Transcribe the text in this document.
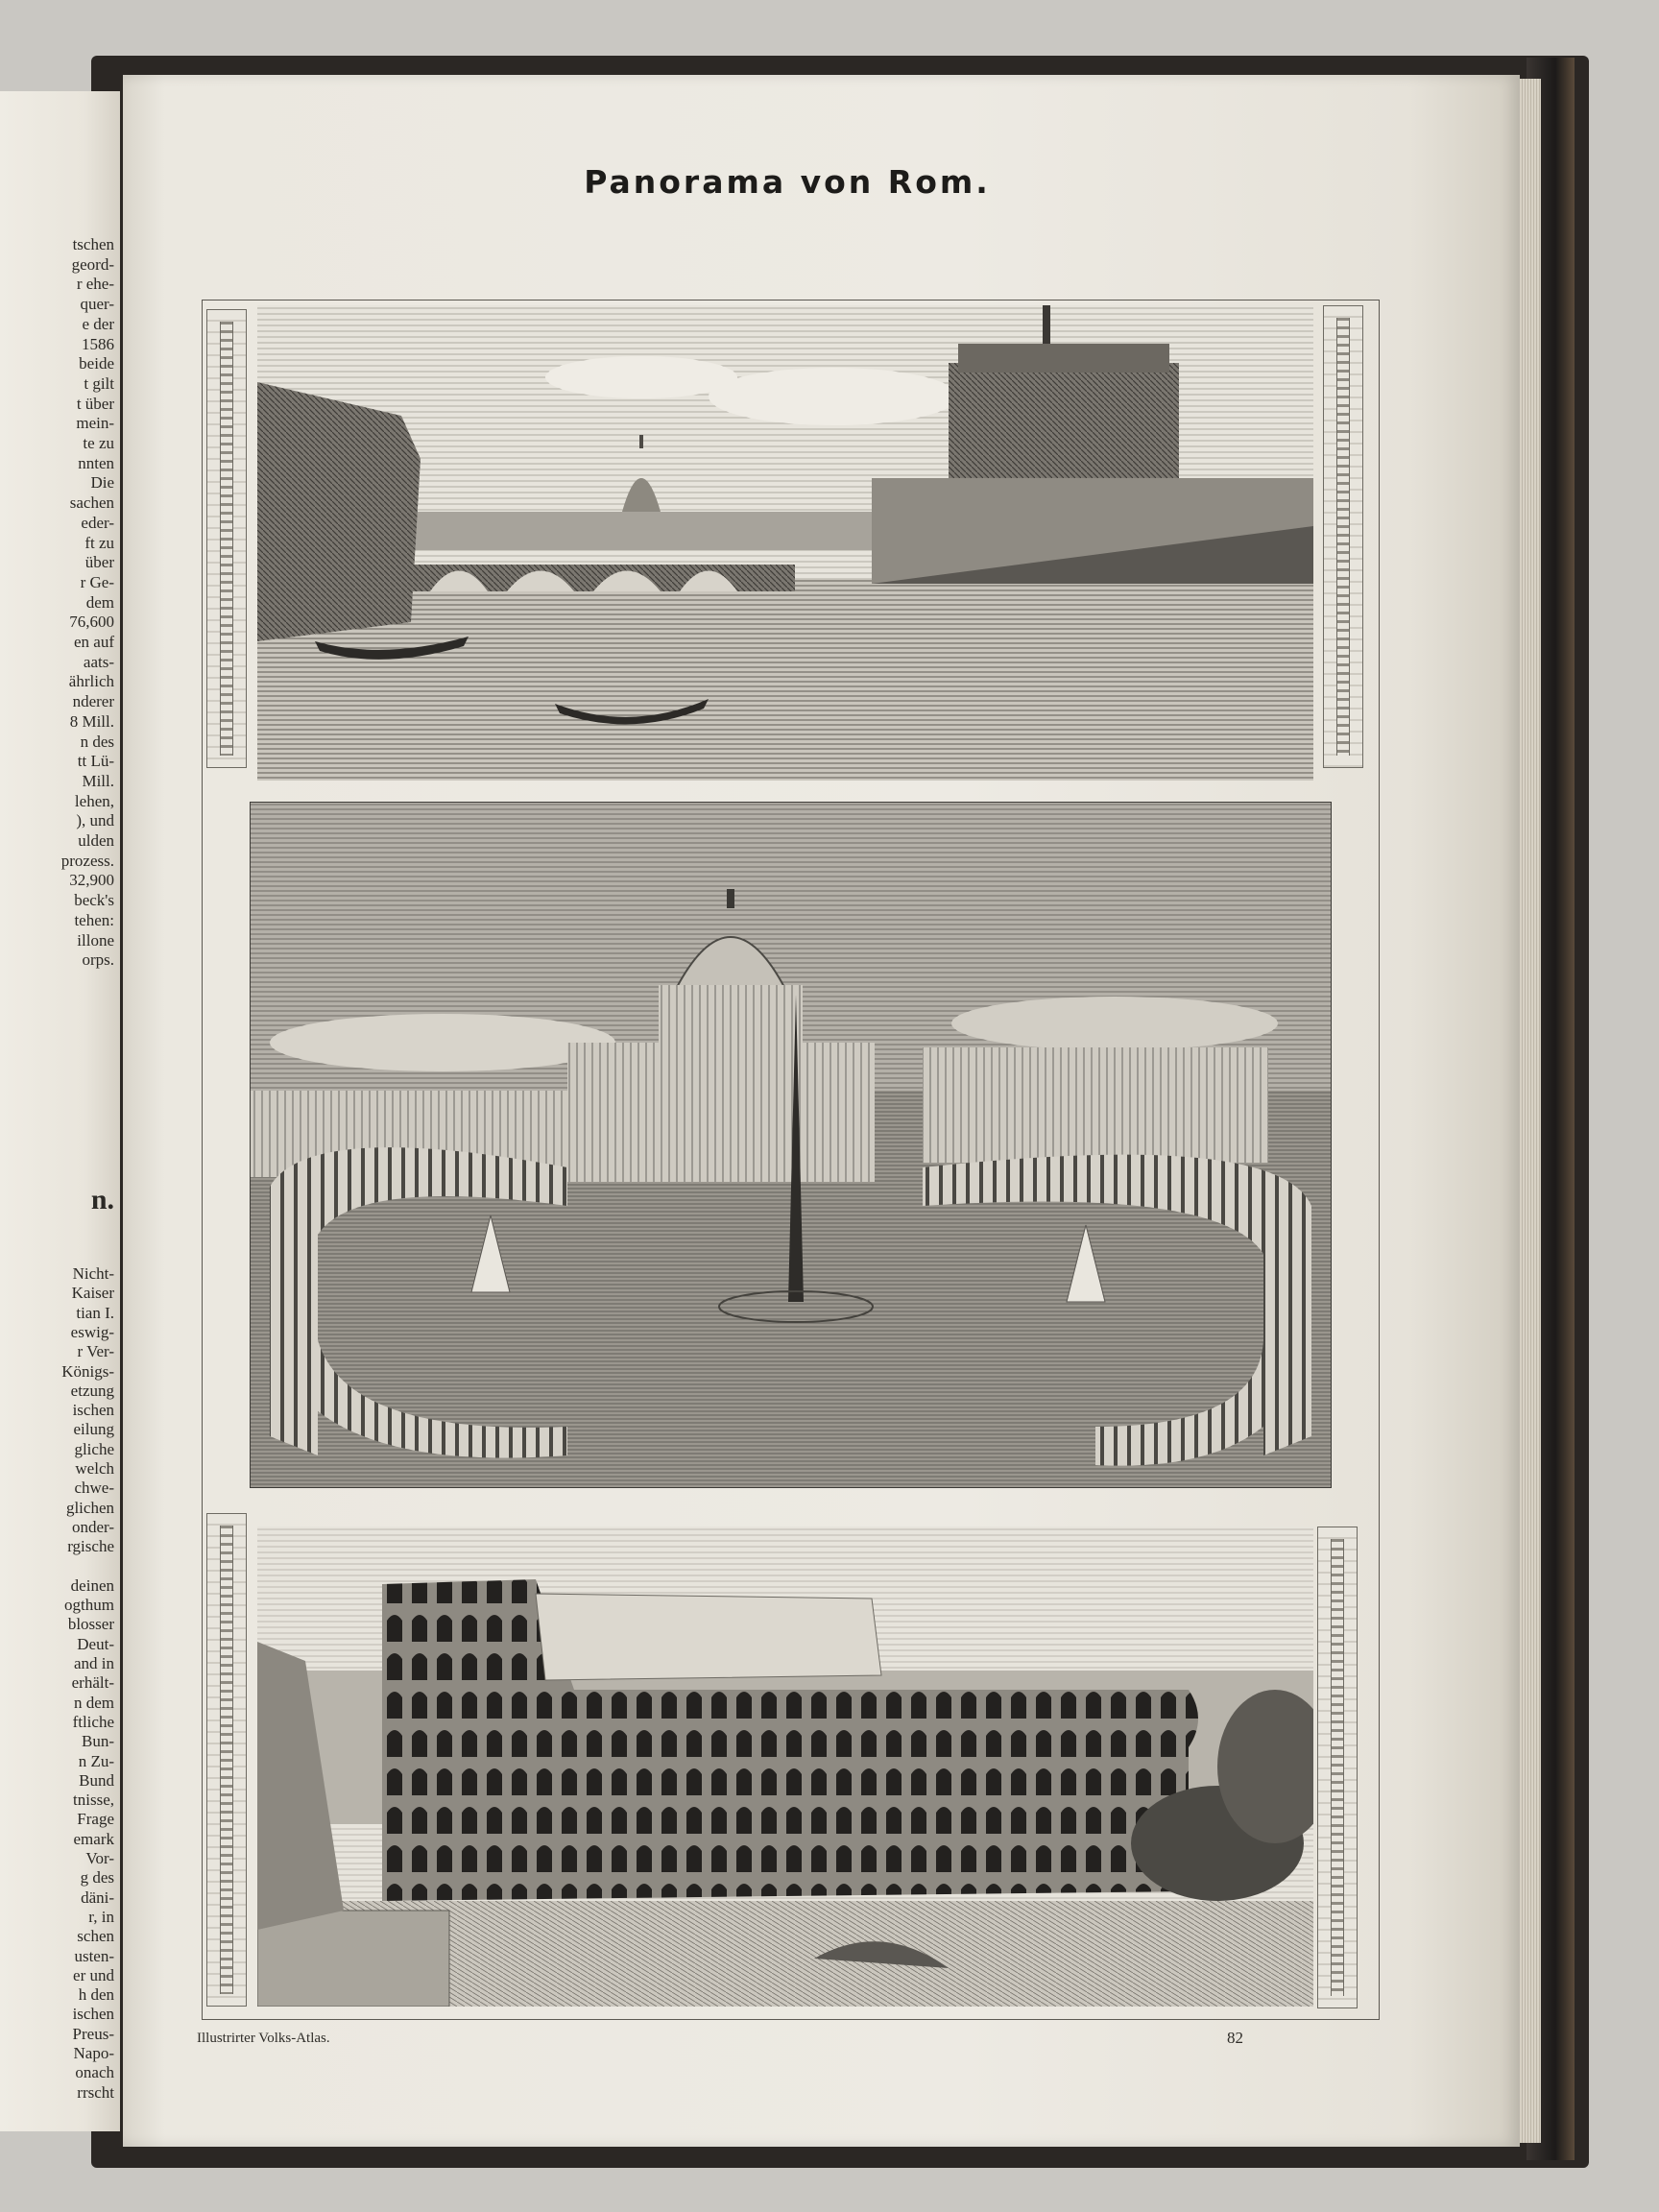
tschen
geord-
r ehe-
quer-
e der
1586
beide
t gilt
t über
mein-
te zu
nnten
Die
sachen
eder-
ft zu
über
r Ge-
dem
76,600
en auf
aats-
ährlich
nderer
8 Mill.
n des
tt Lü-
Mill.
lehen,
), und
ulden
prozess.
32,900
beck's
tehen:
illone
orps.
n.
Nicht-
Kaiser
tian I.
eswig-
r Ver-
Königs-
etzung
ischen
eilung
gliche
welch
chwe-
glichen
onder-
rgische
deinen
ogthum
blosser
Deut-
and in
erhält-
n dem
ftliche
Bun-
n Zu-
Bund
tnisse,
Frage
emark
Vor-
g des
däni-
r, in
schen
usten-
er und
h den
ischen
Preus-
Napo-
onach
rrscht
Panorama von Rom.
Illustrirter Volks-Atlas.	82
